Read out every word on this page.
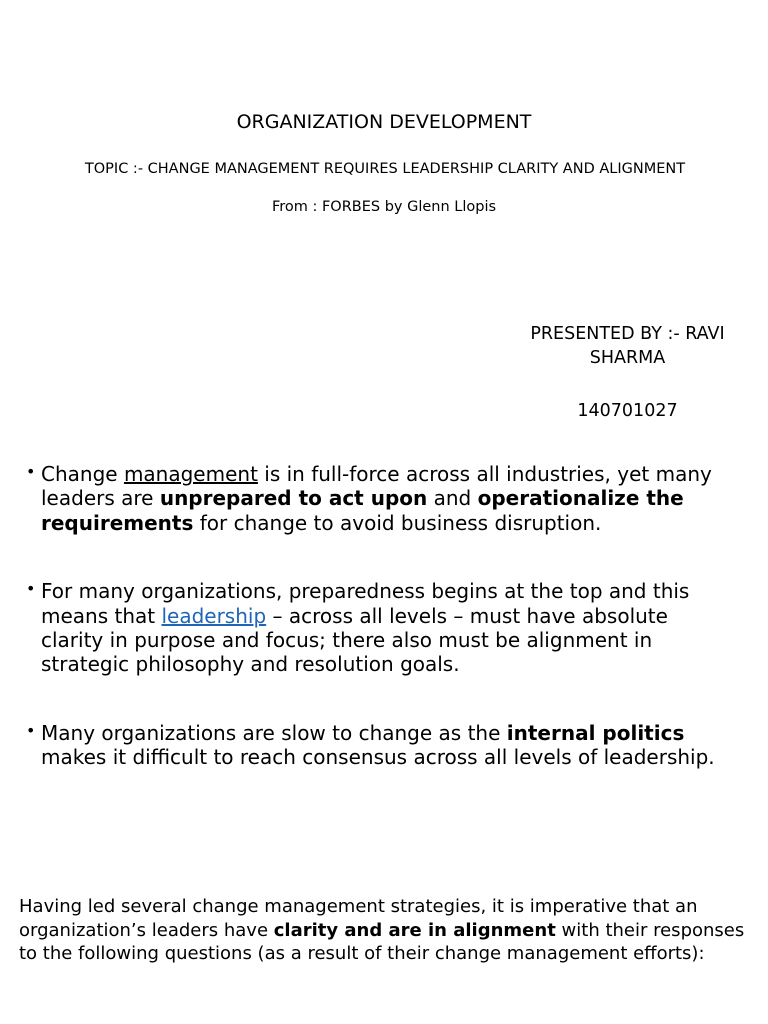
ORGANIZATION DEVELOPMENT
TOPIC :- CHANGE MANAGEMENT REQUIRES LEADERSHIP CLARITY AND ALIGNMENT
From : FORBES by Glenn Llopis
PRESENTED BY :- RAVI SHARMA
140701027
• Change management is in full-force across all industries, yet many leaders are unprepared to act upon and operationalize the requirements for change to avoid business disruption.
• For many organizations, preparedness begins at the top and this means that leadership – across all levels – must have absolute clarity in purpose and focus; there also must be alignment in strategic philosophy and resolution goals.
• Many organizations are slow to change as the internal politics makes it difficult to reach consensus across all levels of leadership.

Having led several change management strategies, it is imperative that an organization’s leaders have clarity and are in alignment with their responses to the following questions (as a result of their change management efforts):
